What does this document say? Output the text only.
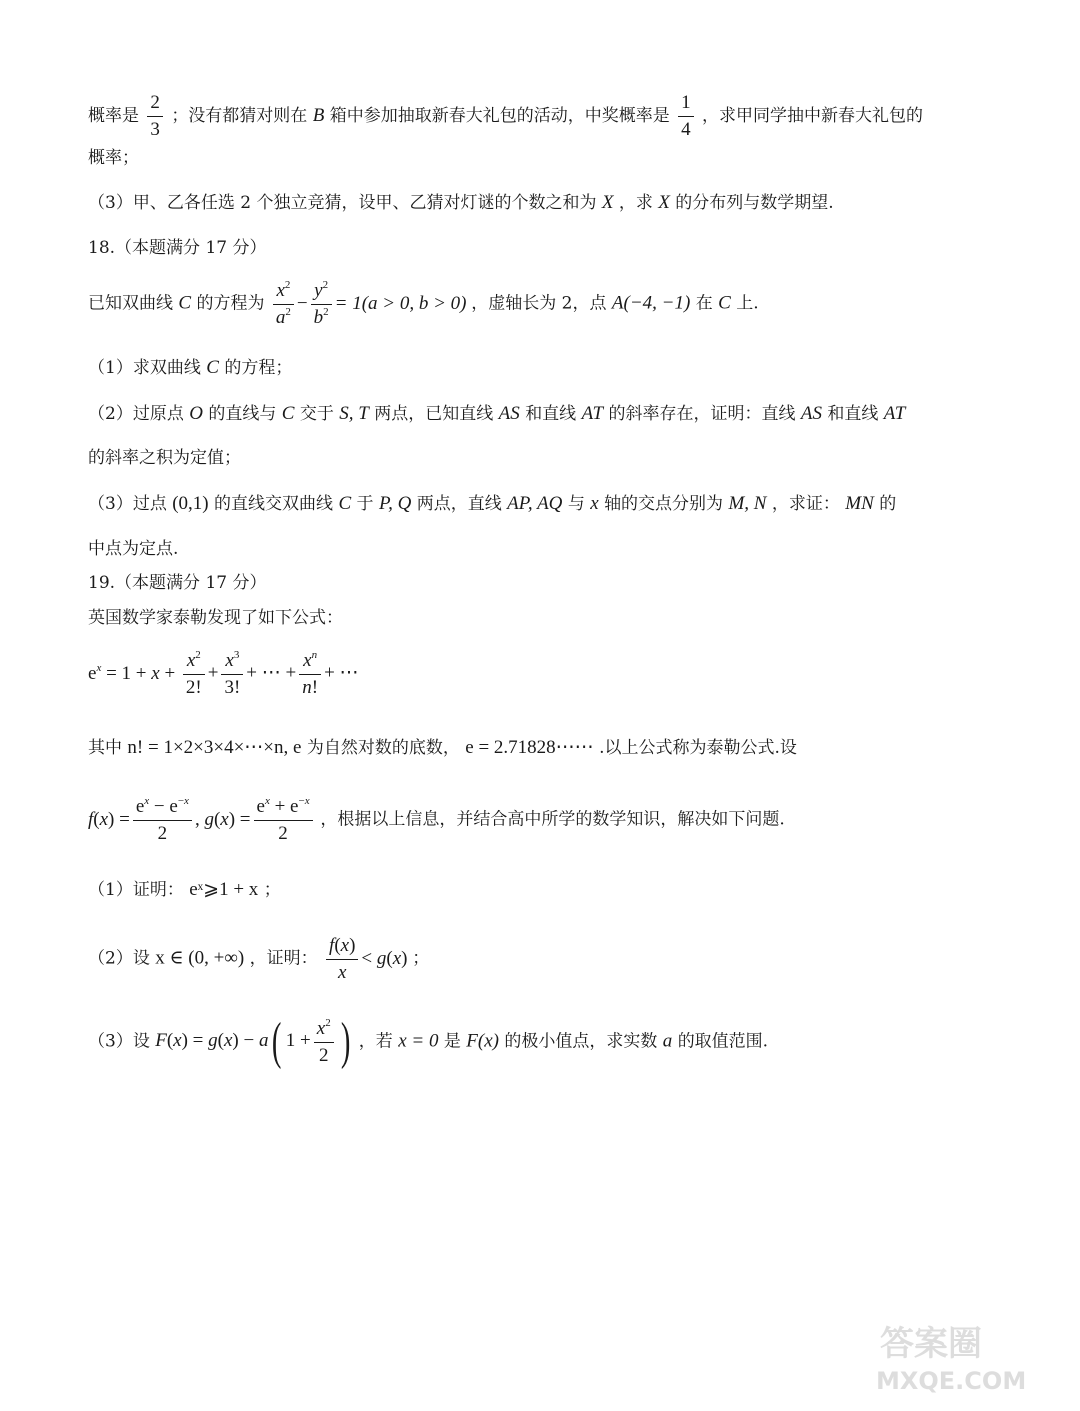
概率是 $\frac{2}{3}$ ；没有都猜对则在 B 箱中参加抽取新春大礼包的活动，中奖概率是 $\frac{1}{4}$ ，求甲同学抽中新春大礼包的
概率；
（3）甲、乙各任选 2 个独立竞猜，设甲、乙猜对灯谜的个数之和为 X ，求 X 的分布列与数学期望.
18.（本题满分 17 分）
已知双曲线 C 的方程为 $\frac{x^2}{a^2} - \frac{y^2}{b^2} = 1(a > 0$, b > 0) ，虚轴长为 2，点 A(−4, −1) 在 C 上.
（1）求双曲线 C 的方程；
（2）过原点 O 的直线与 C 交于 S, T 两点，已知直线 AS 和直线 AT 的斜率存在，证明：直线 AS 和直线 AT
的斜率之积为定值；
（3）过点 (0,1) 的直线交双曲线 C 于 P, Q 两点，直线 AP, AQ 与 x 轴的交点分别为 M, N ，求证： MN 的
中点为定点.
19.（本题满分 17 分）
英国数学家泰勒发现了如下公式：
$e^x = 1 + x + \frac{x^2}{2!} + \frac{x^3}{3!}$ + ⋯ + $\frac{x^n}{n!}$ + ⋯
其中 n! = 1×2×3×4×⋯×n, e 为自然对数的底数， e = 2.71828⋯⋯ .以上公式称为泰勒公式.设
$f(x) = \frac{e^x - e^{-x}}{2}$ , $g(x) = \frac{e^x + e^{-x}}{2}$ ，根据以上信息，并结合高中所学的数学知识，解决如下问题.
（1）证明： eˣ⩾1 + x ；
（2）设 x ∈ (0, +∞) ，证明： $\frac{f(x)}{x} < g(x)$ ；
（3）设 F(x) = g(x) − a( $1 + \frac{x^2}{2}$ ) ，若 x = 0 是 F(x) 的极小值点，求实数 a 的取值范围.
答案圈
MXQE.COM
